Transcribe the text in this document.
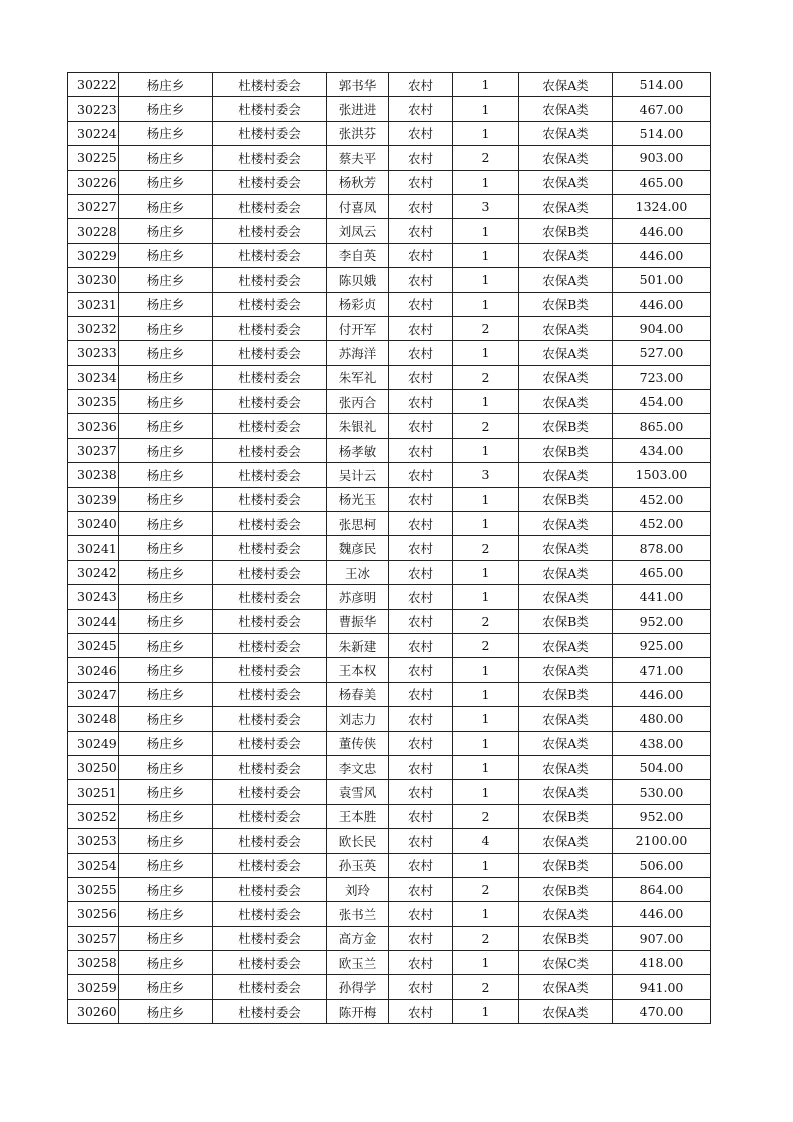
30222	杨庄乡	杜楼村委会	郭书华	农村	1	农保A类	514.00
30223	杨庄乡	杜楼村委会	张进进	农村	1	农保A类	467.00
30224	杨庄乡	杜楼村委会	张洪芬	农村	1	农保A类	514.00
30225	杨庄乡	杜楼村委会	蔡夫平	农村	2	农保A类	903.00
30226	杨庄乡	杜楼村委会	杨秋芳	农村	1	农保A类	465.00
30227	杨庄乡	杜楼村委会	付喜凤	农村	3	农保A类	1324.00
30228	杨庄乡	杜楼村委会	刘凤云	农村	1	农保B类	446.00
30229	杨庄乡	杜楼村委会	李自英	农村	1	农保A类	446.00
30230	杨庄乡	杜楼村委会	陈贝娥	农村	1	农保A类	501.00
30231	杨庄乡	杜楼村委会	杨彩贞	农村	1	农保B类	446.00
30232	杨庄乡	杜楼村委会	付开军	农村	2	农保A类	904.00
30233	杨庄乡	杜楼村委会	苏海洋	农村	1	农保A类	527.00
30234	杨庄乡	杜楼村委会	朱军礼	农村	2	农保A类	723.00
30235	杨庄乡	杜楼村委会	张丙合	农村	1	农保A类	454.00
30236	杨庄乡	杜楼村委会	朱银礼	农村	2	农保B类	865.00
30237	杨庄乡	杜楼村委会	杨孝敏	农村	1	农保B类	434.00
30238	杨庄乡	杜楼村委会	吴计云	农村	3	农保A类	1503.00
30239	杨庄乡	杜楼村委会	杨光玉	农村	1	农保B类	452.00
30240	杨庄乡	杜楼村委会	张思柯	农村	1	农保A类	452.00
30241	杨庄乡	杜楼村委会	魏彦民	农村	2	农保A类	878.00
30242	杨庄乡	杜楼村委会	王冰	农村	1	农保A类	465.00
30243	杨庄乡	杜楼村委会	苏彦明	农村	1	农保A类	441.00
30244	杨庄乡	杜楼村委会	曹振华	农村	2	农保B类	952.00
30245	杨庄乡	杜楼村委会	朱新建	农村	2	农保A类	925.00
30246	杨庄乡	杜楼村委会	王本权	农村	1	农保A类	471.00
30247	杨庄乡	杜楼村委会	杨春美	农村	1	农保B类	446.00
30248	杨庄乡	杜楼村委会	刘志力	农村	1	农保A类	480.00
30249	杨庄乡	杜楼村委会	董传侠	农村	1	农保A类	438.00
30250	杨庄乡	杜楼村委会	李文忠	农村	1	农保A类	504.00
30251	杨庄乡	杜楼村委会	袁雪风	农村	1	农保A类	530.00
30252	杨庄乡	杜楼村委会	王本胜	农村	2	农保B类	952.00
30253	杨庄乡	杜楼村委会	欧长民	农村	4	农保A类	2100.00
30254	杨庄乡	杜楼村委会	孙玉英	农村	1	农保B类	506.00
30255	杨庄乡	杜楼村委会	刘玲	农村	2	农保B类	864.00
30256	杨庄乡	杜楼村委会	张书兰	农村	1	农保A类	446.00
30257	杨庄乡	杜楼村委会	高方金	农村	2	农保B类	907.00
30258	杨庄乡	杜楼村委会	欧玉兰	农村	1	农保C类	418.00
30259	杨庄乡	杜楼村委会	孙得学	农村	2	农保A类	941.00
30260	杨庄乡	杜楼村委会	陈开梅	农村	1	农保A类	470.00
